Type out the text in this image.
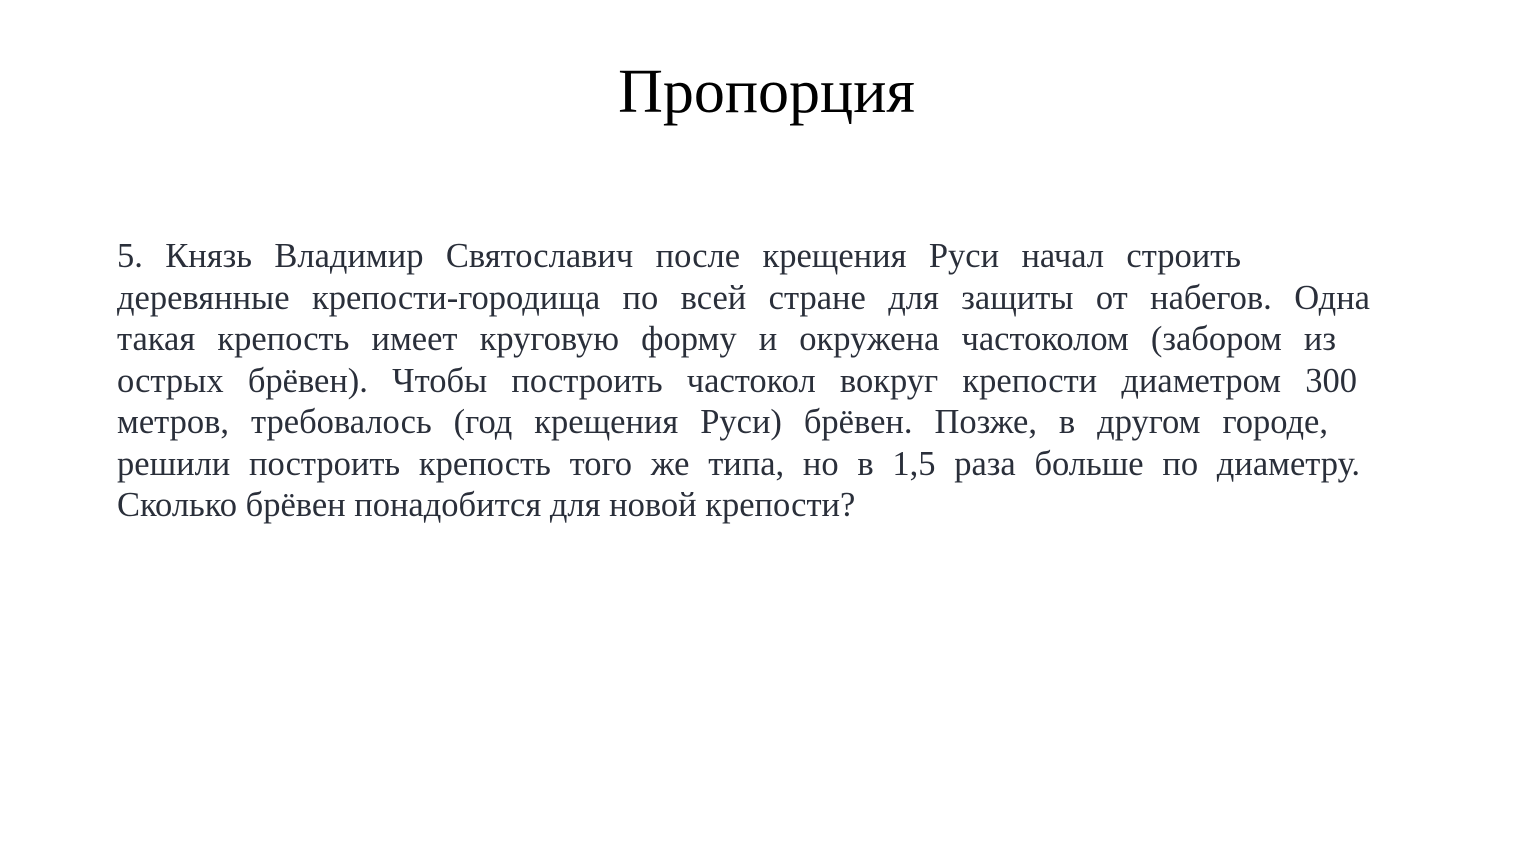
Пропорция
5. Князь Владимир Святославич после крещения Руси начал строить
деревянные крепости-городища по всей стране для защиты от набегов. Одна
такая крепость имеет круговую форму и окружена частоколом (забором из
острых брёвен). Чтобы построить частокол вокруг крепости диаметром 300
метров, требовалось (год крещения Руси) брёвен. Позже, в другом городе,
решили построить крепость того же типа, но в 1,5 раза больше по диаметру.
Сколько брёвен понадобится для новой крепости?
